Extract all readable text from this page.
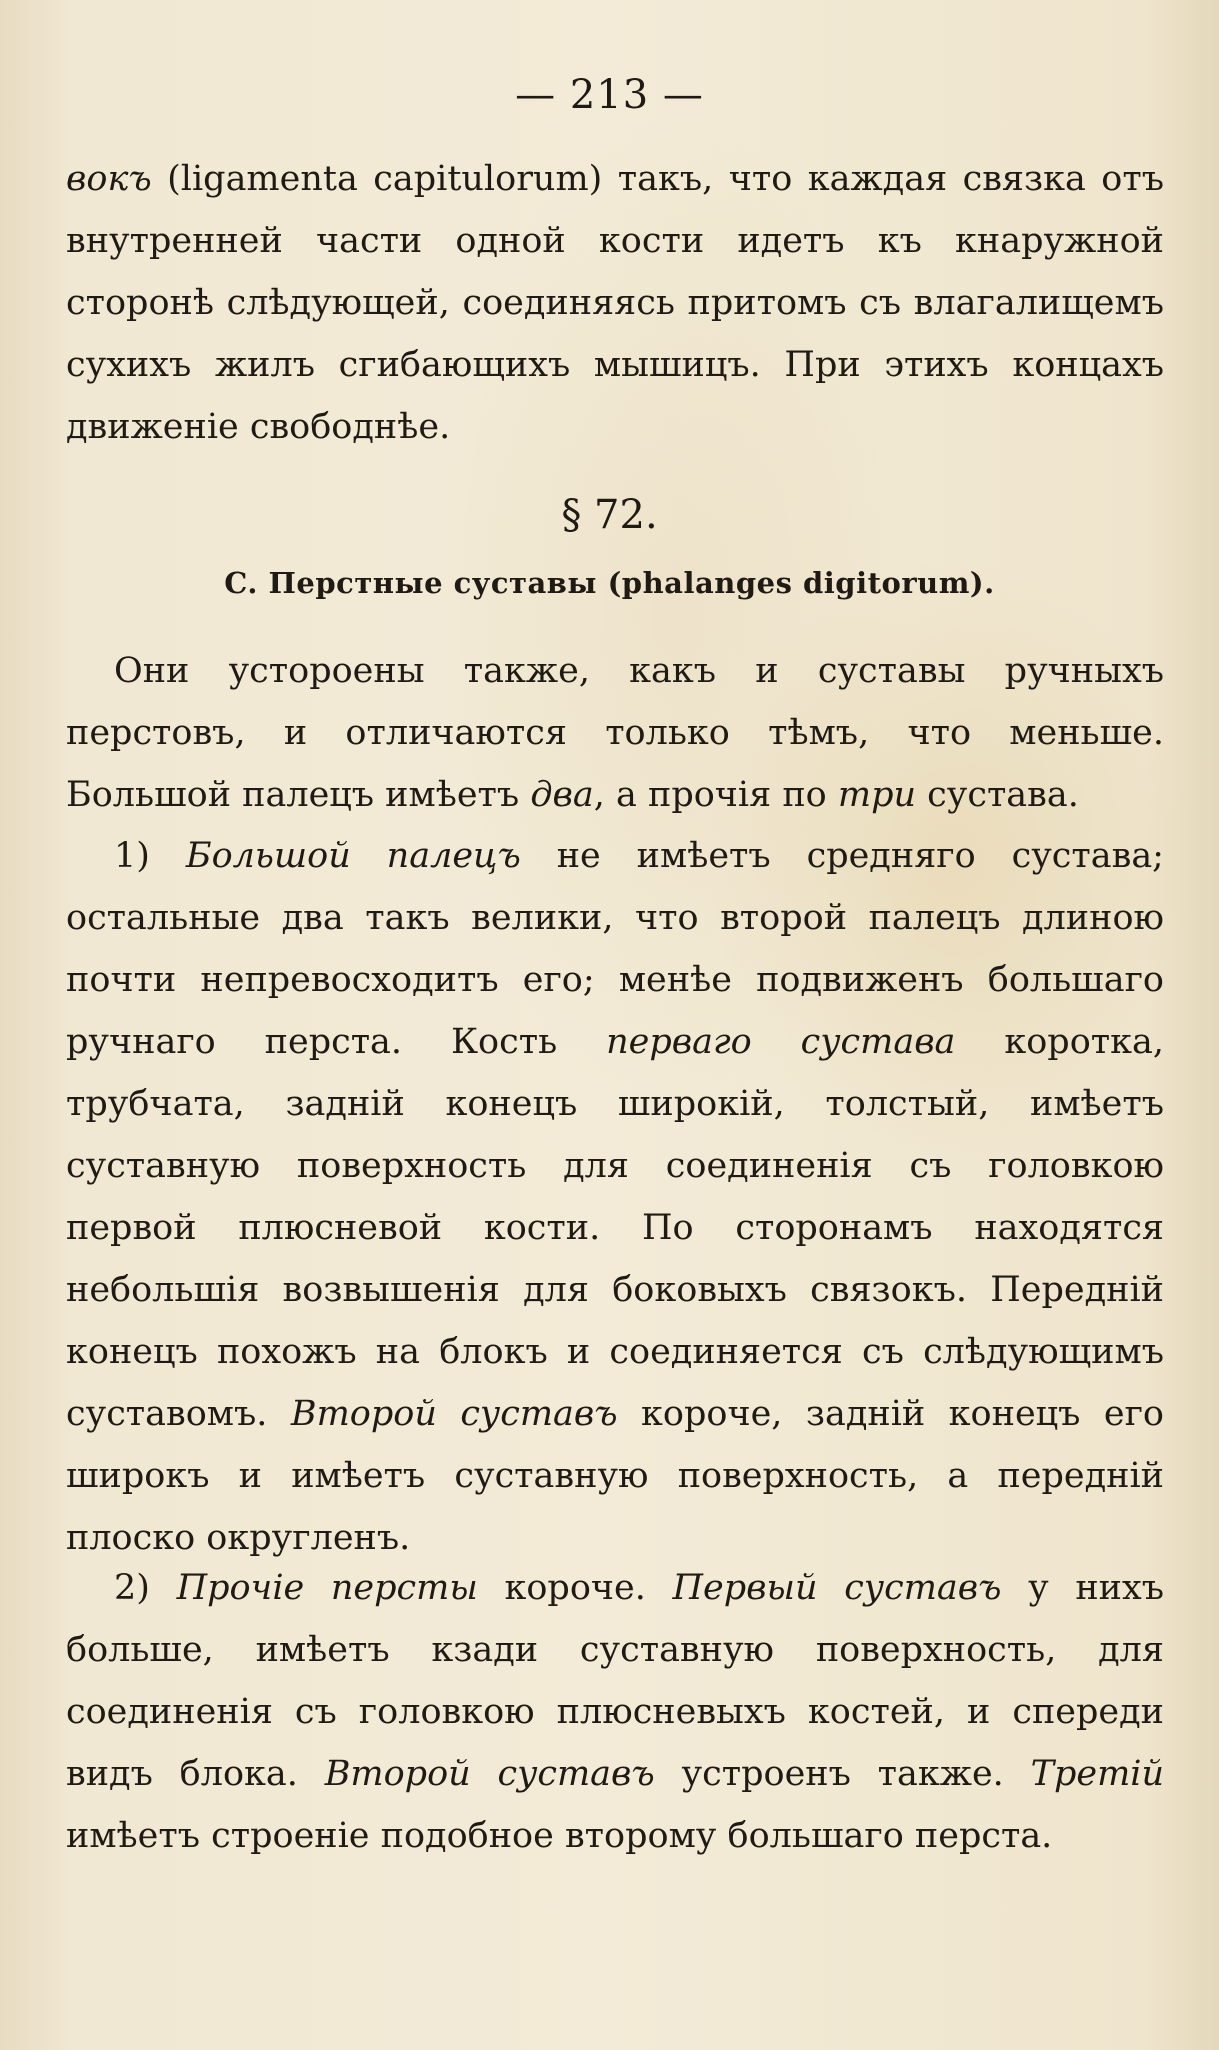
— 213 —

вокъ (ligamenta capitulorum) такъ, что каждая связка отъ внутренней части одной кости идетъ къ кнаружной сторонѣ слѣдующей, соединяясь притомъ съ влагалищемъ сухихъ жилъ сгибающихъ мышицъ. При этихъ концахъ движеніе свободнѣе.

§ 72.
C. Перстные суставы (phalanges digitorum).

Они устороены также, какъ и суставы ручныхъ перстовъ, и отличаются только тѣмъ, что меньше. Большой палецъ имѣетъ два, а прочія по три сустава.

1) Большой палецъ не имѣетъ средняго сустава; остальные два такъ велики, что второй палецъ длиною почти непревосходитъ его; менѣе подвиженъ большаго ручнаго перста. Кость перваго сустава коротка, трубчата, задній конецъ широкій, толстый, имѣетъ суставную поверхность для соединенія съ головкою первой плюсневой кости. По сторонамъ находятся небольшія возвышенія для боковыхъ связокъ. Передній конецъ похожъ на блокъ и соединяется съ слѣдующимъ суставомъ. Второй суставъ короче, задній конецъ его широкъ и имѣетъ суставную поверхность, а передній плоско округленъ.

2) Прочіе персты короче. Первый суставъ у нихъ больше, имѣетъ кзади суставную поверхность, для соединенія съ головкою плюсневыхъ костей, и спереди видъ блока. Второй суставъ устроенъ также. Третій имѣетъ строеніе подобное второму большаго перста.
